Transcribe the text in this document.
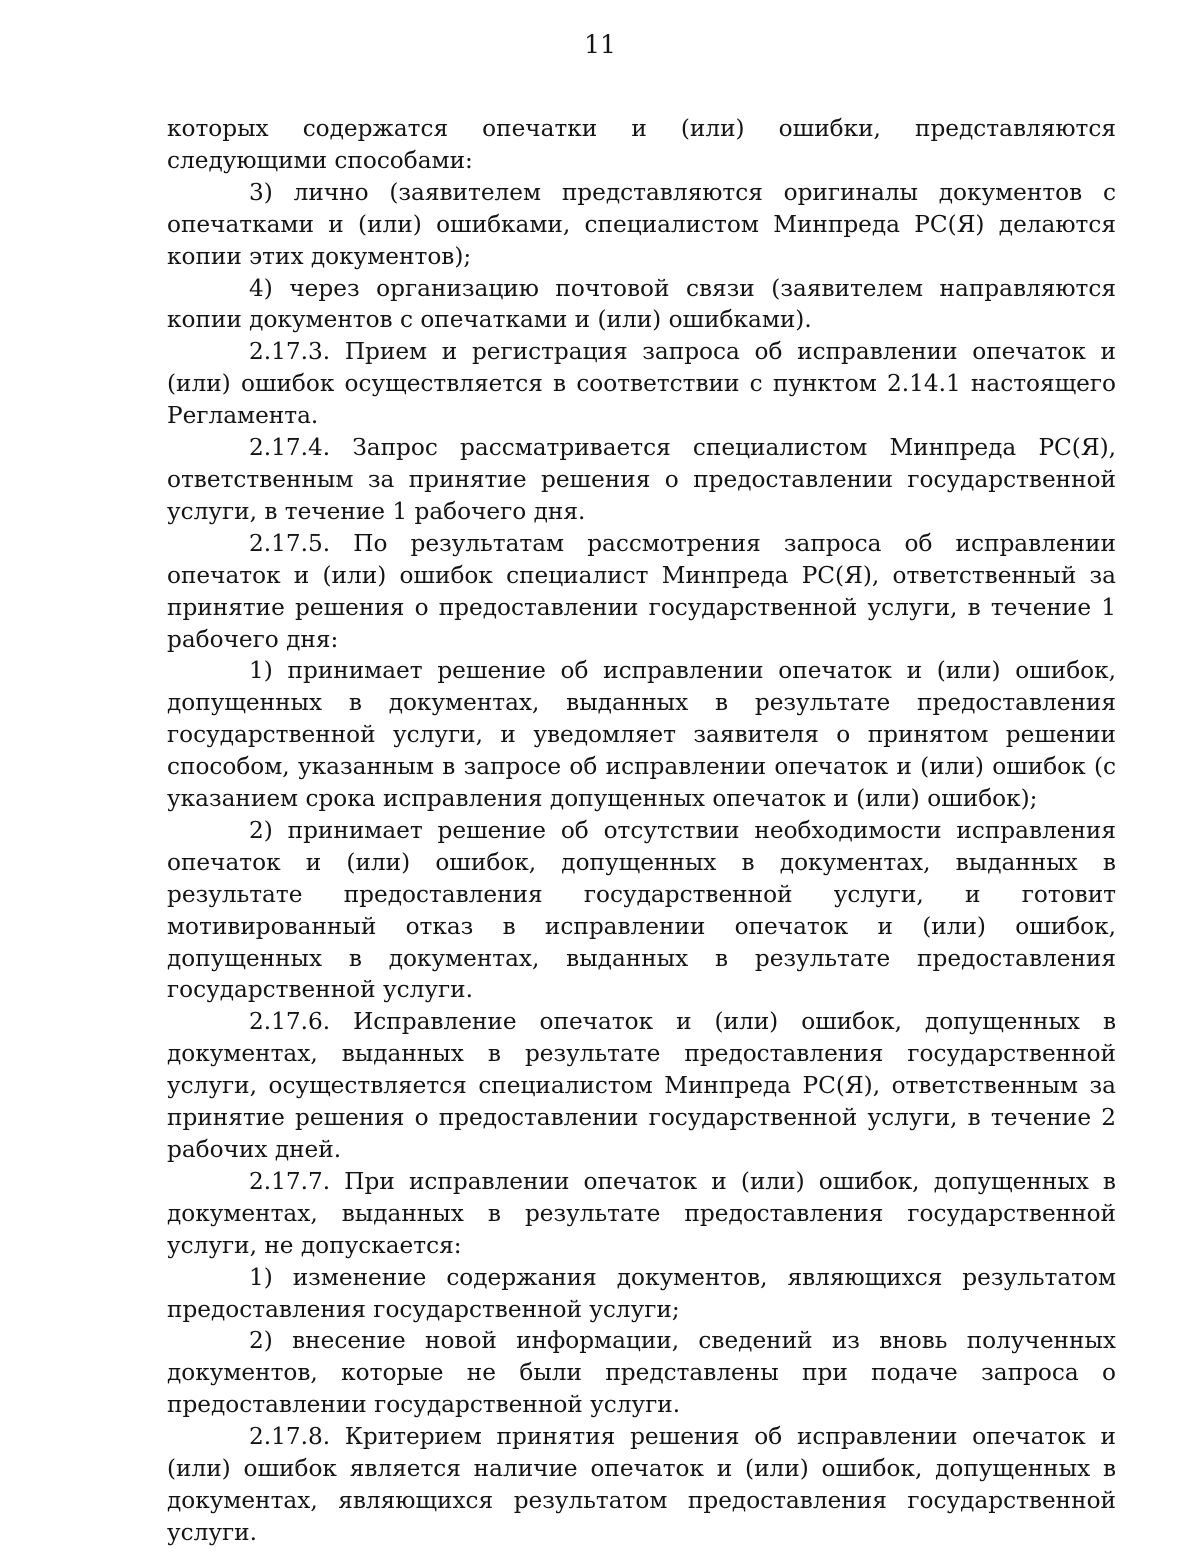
11

которых содержатся опечатки и (или) ошибки, представляются следующими способами:

3) лично (заявителем представляются оригиналы документов с опечатками и (или) ошибками, специалистом Минпреда РС(Я) делаются копии этих документов);

4) через организацию почтовой связи (заявителем направляются копии документов с опечатками и (или) ошибками).

2.17.3. Прием и регистрация запроса об исправлении опечаток и (или) ошибок осуществляется в соответствии с пунктом 2.14.1 настоящего Регламента.

2.17.4. Запрос рассматривается специалистом Минпреда РС(Я), ответственным за принятие решения о предоставлении государственной услуги, в течение 1 рабочего дня.

2.17.5. По результатам рассмотрения запроса об исправлении опечаток и (или) ошибок специалист Минпреда РС(Я), ответственный за принятие решения о предоставлении государственной услуги, в течение 1 рабочего дня:

1) принимает решение об исправлении опечаток и (или) ошибок, допущенных в документах, выданных в результате предоставления государственной услуги, и уведомляет заявителя о принятом решении способом, указанным в запросе об исправлении опечаток и (или) ошибок (с указанием срока исправления допущенных опечаток и (или) ошибок);

2) принимает решение об отсутствии необходимости исправления опечаток и (или) ошибок, допущенных в документах, выданных в результате предоставления государственной услуги, и готовит мотивированный отказ в исправлении опечаток и (или) ошибок, допущенных в документах, выданных в результате предоставления государственной услуги.

2.17.6. Исправление опечаток и (или) ошибок, допущенных в документах, выданных в результате предоставления государственной услуги, осуществляется специалистом Минпреда РС(Я), ответственным за принятие решения о предоставлении государственной услуги, в течение 2 рабочих дней.

2.17.7. При исправлении опечаток и (или) ошибок, допущенных в документах, выданных в результате предоставления государственной услуги, не допускается:

1) изменение содержания документов, являющихся результатом предоставления государственной услуги;

2) внесение новой информации, сведений из вновь полученных документов, которые не были представлены при подаче запроса о предоставлении государственной услуги.

2.17.8. Критерием принятия решения об исправлении опечаток и (или) ошибок является наличие опечаток и (или) ошибок, допущенных в документах, являющихся результатом предоставления государственной услуги.
